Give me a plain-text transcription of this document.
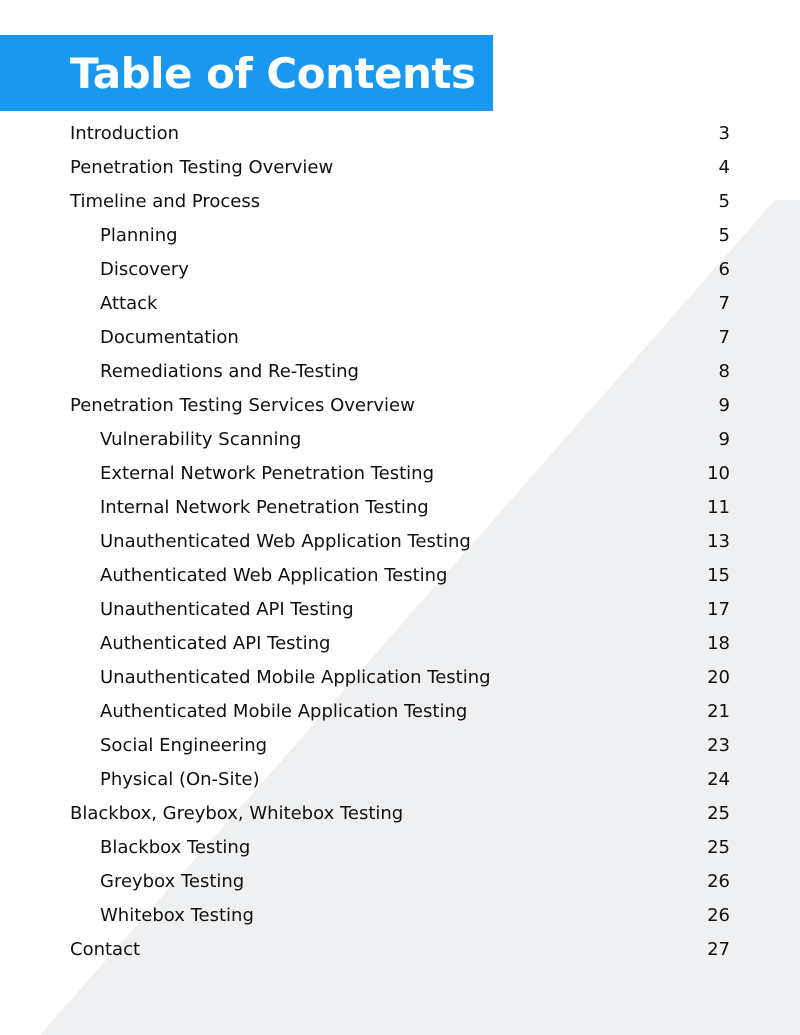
Table of Contents
Introduction	3
Penetration Testing Overview	4
Timeline and Process	5
Planning	5
Discovery	6
Attack	7
Documentation	7
Remediations and Re-Testing	8
Penetration Testing Services Overview	9
Vulnerability Scanning	9
External Network Penetration Testing	10
Internal Network Penetration Testing	11
Unauthenticated Web Application Testing	13
Authenticated Web Application Testing	15
Unauthenticated API Testing	17
Authenticated API Testing	18
Unauthenticated Mobile Application Testing	20
Authenticated Mobile Application Testing	21
Social Engineering	23
Physical (On-Site)	24
Blackbox, Greybox, Whitebox Testing	25
Blackbox Testing	25
Greybox Testing	26
Whitebox Testing	26
Contact	27
